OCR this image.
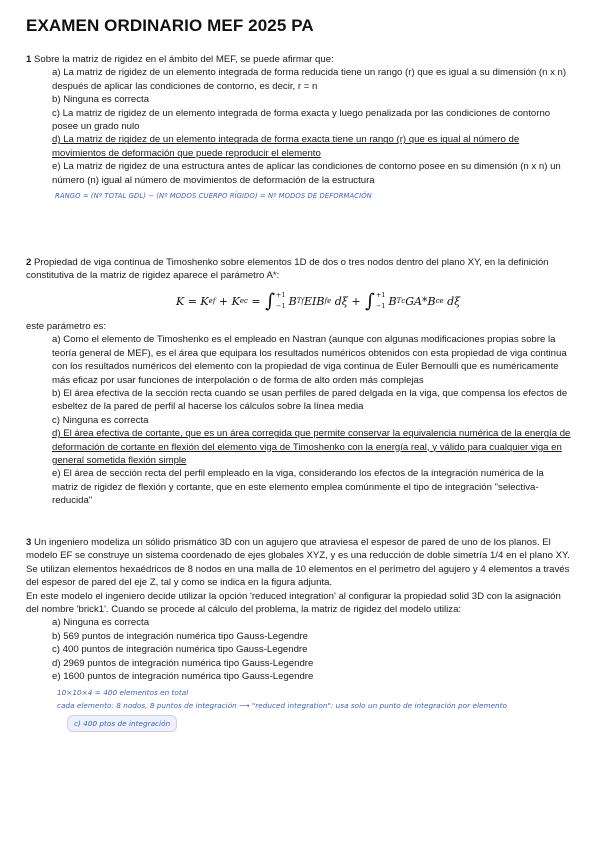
EXAMEN ORDINARIO MEF 2025 PA

1 Sobre la matriz de rigidez en el ámbito del MEF, se puede afirmar que:

a) La matriz de rigidez de un elemento integrada de forma reducida tiene un rango (r) que es igual a su dimensión (n x n) después de aplicar las condiciones de contorno, es decir, r = n
b) Ninguna es correcta
c) La matriz de rigidez de un elemento integrada de forma exacta y luego penalizada por las condiciones de contorno posee un grado nulo
d) La matriz de rigidez de un elemento integrada de forma exacta tiene un rango (r) que es igual al número de movimientos de deformación que puede reproducir el elemento
e) La matriz de rigidez de una estructura antes de aplicar las condiciones de contorno posee en su dimensión (n x n) un número (n) igual al número de movimientos de deformación de la estructura
RANGO = (Nº TOTAL GDL) − (Nº MODOS CUERPO RÍGIDO) = Nº MODOS DE DEFORMACIÓN

2 Propiedad de viga continua de Timoshenko sobre elementos 1D de dos o tres nodos dentro del plano XY, en la definición constitutiva de la matriz de rigidez aparece el parámetro A*:

K = K e f
+ K e c
=
∫ +1
−1 B T f EIB f e
dξ +
∫ +1
−1 B T c GA*B c e
dξ

este parámetro es:

a) Como el elemento de Timoshenko es el empleado en Nastran (aunque con algunas modificaciones propias sobre la teoría general de MEF), es el área que equipara los resultados numéricos obtenidos con esta propiedad de viga continua con los resultados numéricos del elemento con la propiedad de viga continua de Euler Bernoulli que es numéricamente más eficaz por usar funciones de interpolación o de forma de alto orden más complejas
b) El área efectiva de la sección recta cuando se usan perfiles de pared delgada en la viga, que compensa los efectos de esbeltez de la pared de perfil al hacerse los cálculos sobre la línea media
c) Ninguna es correcta
d) El área efectiva de cortante, que es un área corregida que permite conservar la equivalencia numérica de la energía de deformación de cortante en flexión del elemento viga de Timoshenko con la energía real, y válido para cualquier viga en general sometida flexión simple
e) El área de sección recta del perfil empleado en la viga, considerando los efectos de la integración numérica de la matriz de rigidez de flexión y cortante, que en este elemento emplea comúnmente el tipo de integración "selectiva-reducida"

3 Un ingeniero modeliza un sólido prismático 3D con un agujero que atraviesa el espesor de pared de uno de los planos. El modelo EF se construye un sistema coordenado de ejes globales XYZ, y es una reducción de doble simetría 1/4 en el plano XY. Se utilizan elementos hexaédricos de 8 nodos en una malla de 10 elementos en el perímetro del agujero y 4 elementos a través del espesor de pared del eje Z, tal y como se indica en la figura adjunta.

En este modelo el ingeniero decide utilizar la opción 'reduced integration' al configurar la propiedad solid 3D con la asignación del nombre 'brick1'. Cuando se procede al cálculo del problema, la matriz de rigidez del modelo utiliza:

a) Ninguna es correcta
b) 569 puntos de integración numérica tipo Gauss-Legendre
c) 400 puntos de integración numérica tipo Gauss-Legendre
d) 2969 puntos de integración numérica tipo Gauss-Legendre
e) 1600 puntos de integración numérica tipo Gauss-Legendre
10×10×4 = 400 elementos en total
cada elemento: 8 nodos, 8 puntos de integración ⟶ "reduced integration": usa solo un punto de integración por elemento
c) 400 ptos de integración
